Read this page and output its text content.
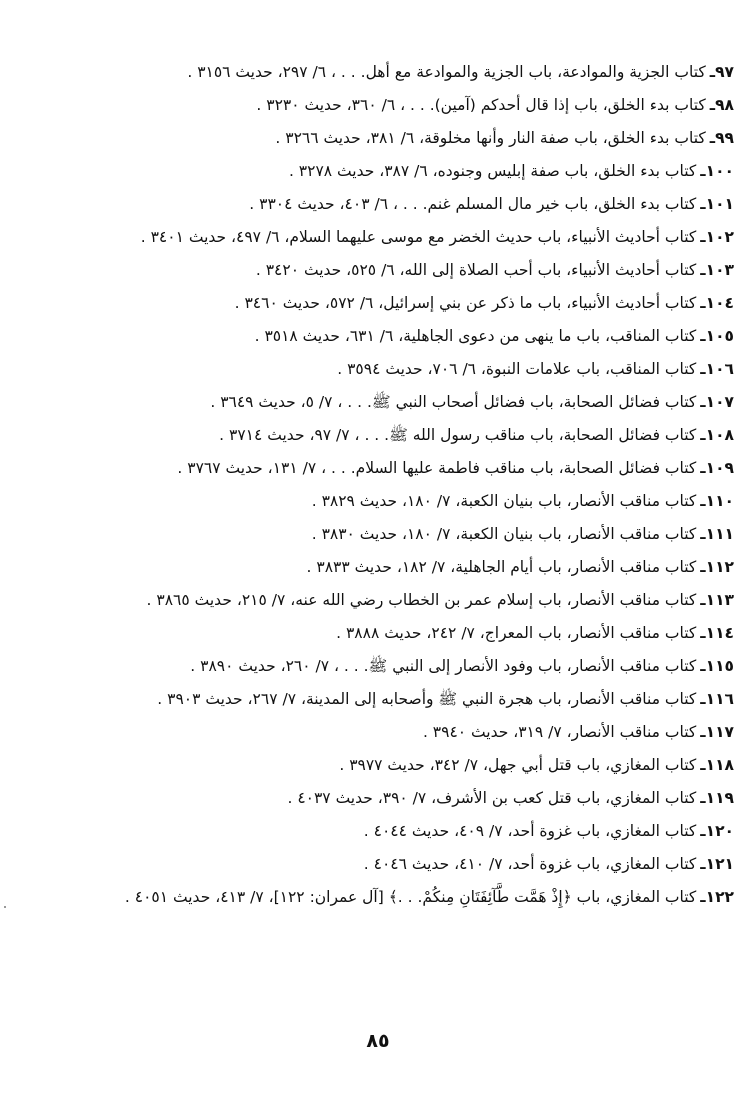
٩٧ـ
كتاب الجزية والموادعة، باب الجزية والموادعة مع أهل. . . ، ٦/ ٢٩٧، حديث ٣١٥٦ .
٩٨ـ
كتاب بدء الخلق، باب إذا قال أحدكم (آمين). . . ، ٦/ ٣٦٠، حديث ٣٢٣٠ .
٩٩ـ
كتاب بدء الخلق، باب صفة النار وأنها مخلوقة، ٦/ ٣٨١، حديث ٣٢٦٦ .
١٠٠ـ
كتاب بدء الخلق، باب صفة إبليس وجنوده، ٦/ ٣٨٧، حديث ٣٢٧٨ .
١٠١ـ
كتاب بدء الخلق، باب خير مال المسلم غنم. . . ، ٦/ ٤٠٣، حديث ٣٣٠٤ .
١٠٢ـ
كتاب أحاديث الأنبياء، باب حديث الخضر مع موسى عليهما السلام، ٦/ ٤٩٧، حديث ٣٤٠١ .
١٠٣ـ
كتاب أحاديث الأنبياء، باب أحب الصلاة إلى الله، ٦/ ٥٢٥، حديث ٣٤٢٠ .
١٠٤ـ
كتاب أحاديث الأنبياء، باب ما ذكر عن بني إسرائيل، ٦/ ٥٧٢، حديث ٣٤٦٠ .
١٠٥ـ
كتاب المناقب، باب ما ينهى من دعوى الجاهلية، ٦/ ٦٣١، حديث ٣٥١٨ .
١٠٦ـ
كتاب المناقب، باب علامات النبوة، ٦/ ٧٠٦، حديث ٣٥٩٤ .
١٠٧ـ
كتاب فضائل الصحابة، باب فضائل أصحاب النبي ﷺ. . . ، ٧/ ٥، حديث ٣٦٤٩ .
١٠٨ـ
كتاب فضائل الصحابة، باب مناقب رسول الله ﷺ. . . ، ٧/ ٩٧، حديث ٣٧١٤ .
١٠٩ـ
كتاب فضائل الصحابة، باب مناقب فاطمة عليها السلام. . . ، ٧/ ١٣١، حديث ٣٧٦٧ .
١١٠ـ
كتاب مناقب الأنصار، باب بنيان الكعبة، ٧/ ١٨٠، حديث ٣٨٢٩ .
١١١ـ
كتاب مناقب الأنصار، باب بنيان الكعبة، ٧/ ١٨٠، حديث ٣٨٣٠ .
١١٢ـ
كتاب مناقب الأنصار، باب أيام الجاهلية، ٧/ ١٨٢، حديث ٣٨٣٣ .
١١٣ـ
كتاب مناقب الأنصار، باب إسلام عمر بن الخطاب رضي الله عنه، ٧/ ٢١٥، حديث ٣٨٦٥ .
١١٤ـ
كتاب مناقب الأنصار، باب المعراج، ٧/ ٢٤٢، حديث ٣٨٨٨ .
١١٥ـ
كتاب مناقب الأنصار، باب وفود الأنصار إلى النبي ﷺ. . . ، ٧/ ٢٦٠، حديث ٣٨٩٠ .
١١٦ـ
كتاب مناقب الأنصار، باب هجرة النبي ﷺ وأصحابه إلى المدينة، ٧/ ٢٦٧، حديث ٣٩٠٣ .
١١٧ـ
كتاب مناقب الأنصار، ٧/ ٣١٩، حديث ٣٩٤٠ .
١١٨ـ
كتاب المغازي، باب قتل أبي جهل، ٧/ ٣٤٢، حديث ٣٩٧٧ .
١١٩ـ
كتاب المغازي، باب قتل كعب بن الأشرف، ٧/ ٣٩٠، حديث ٤٠٣٧ .
١٢٠ـ
كتاب المغازي، باب غزوة أحد، ٧/ ٤٠٩، حديث ٤٠٤٤ .
١٢١ـ
كتاب المغازي، باب غزوة أحد، ٧/ ٤١٠، حديث ٤٠٤٦ .
١٢٢ـ
كتاب المغازي، باب ﴿إِذْ هَمَّت طَّآئِفَتَانِ مِنكُمْ. . .﴾ [آل عمران: ١٢٢]، ٧/ ٤١٣، حديث ٤٠٥١ .
٨٥
